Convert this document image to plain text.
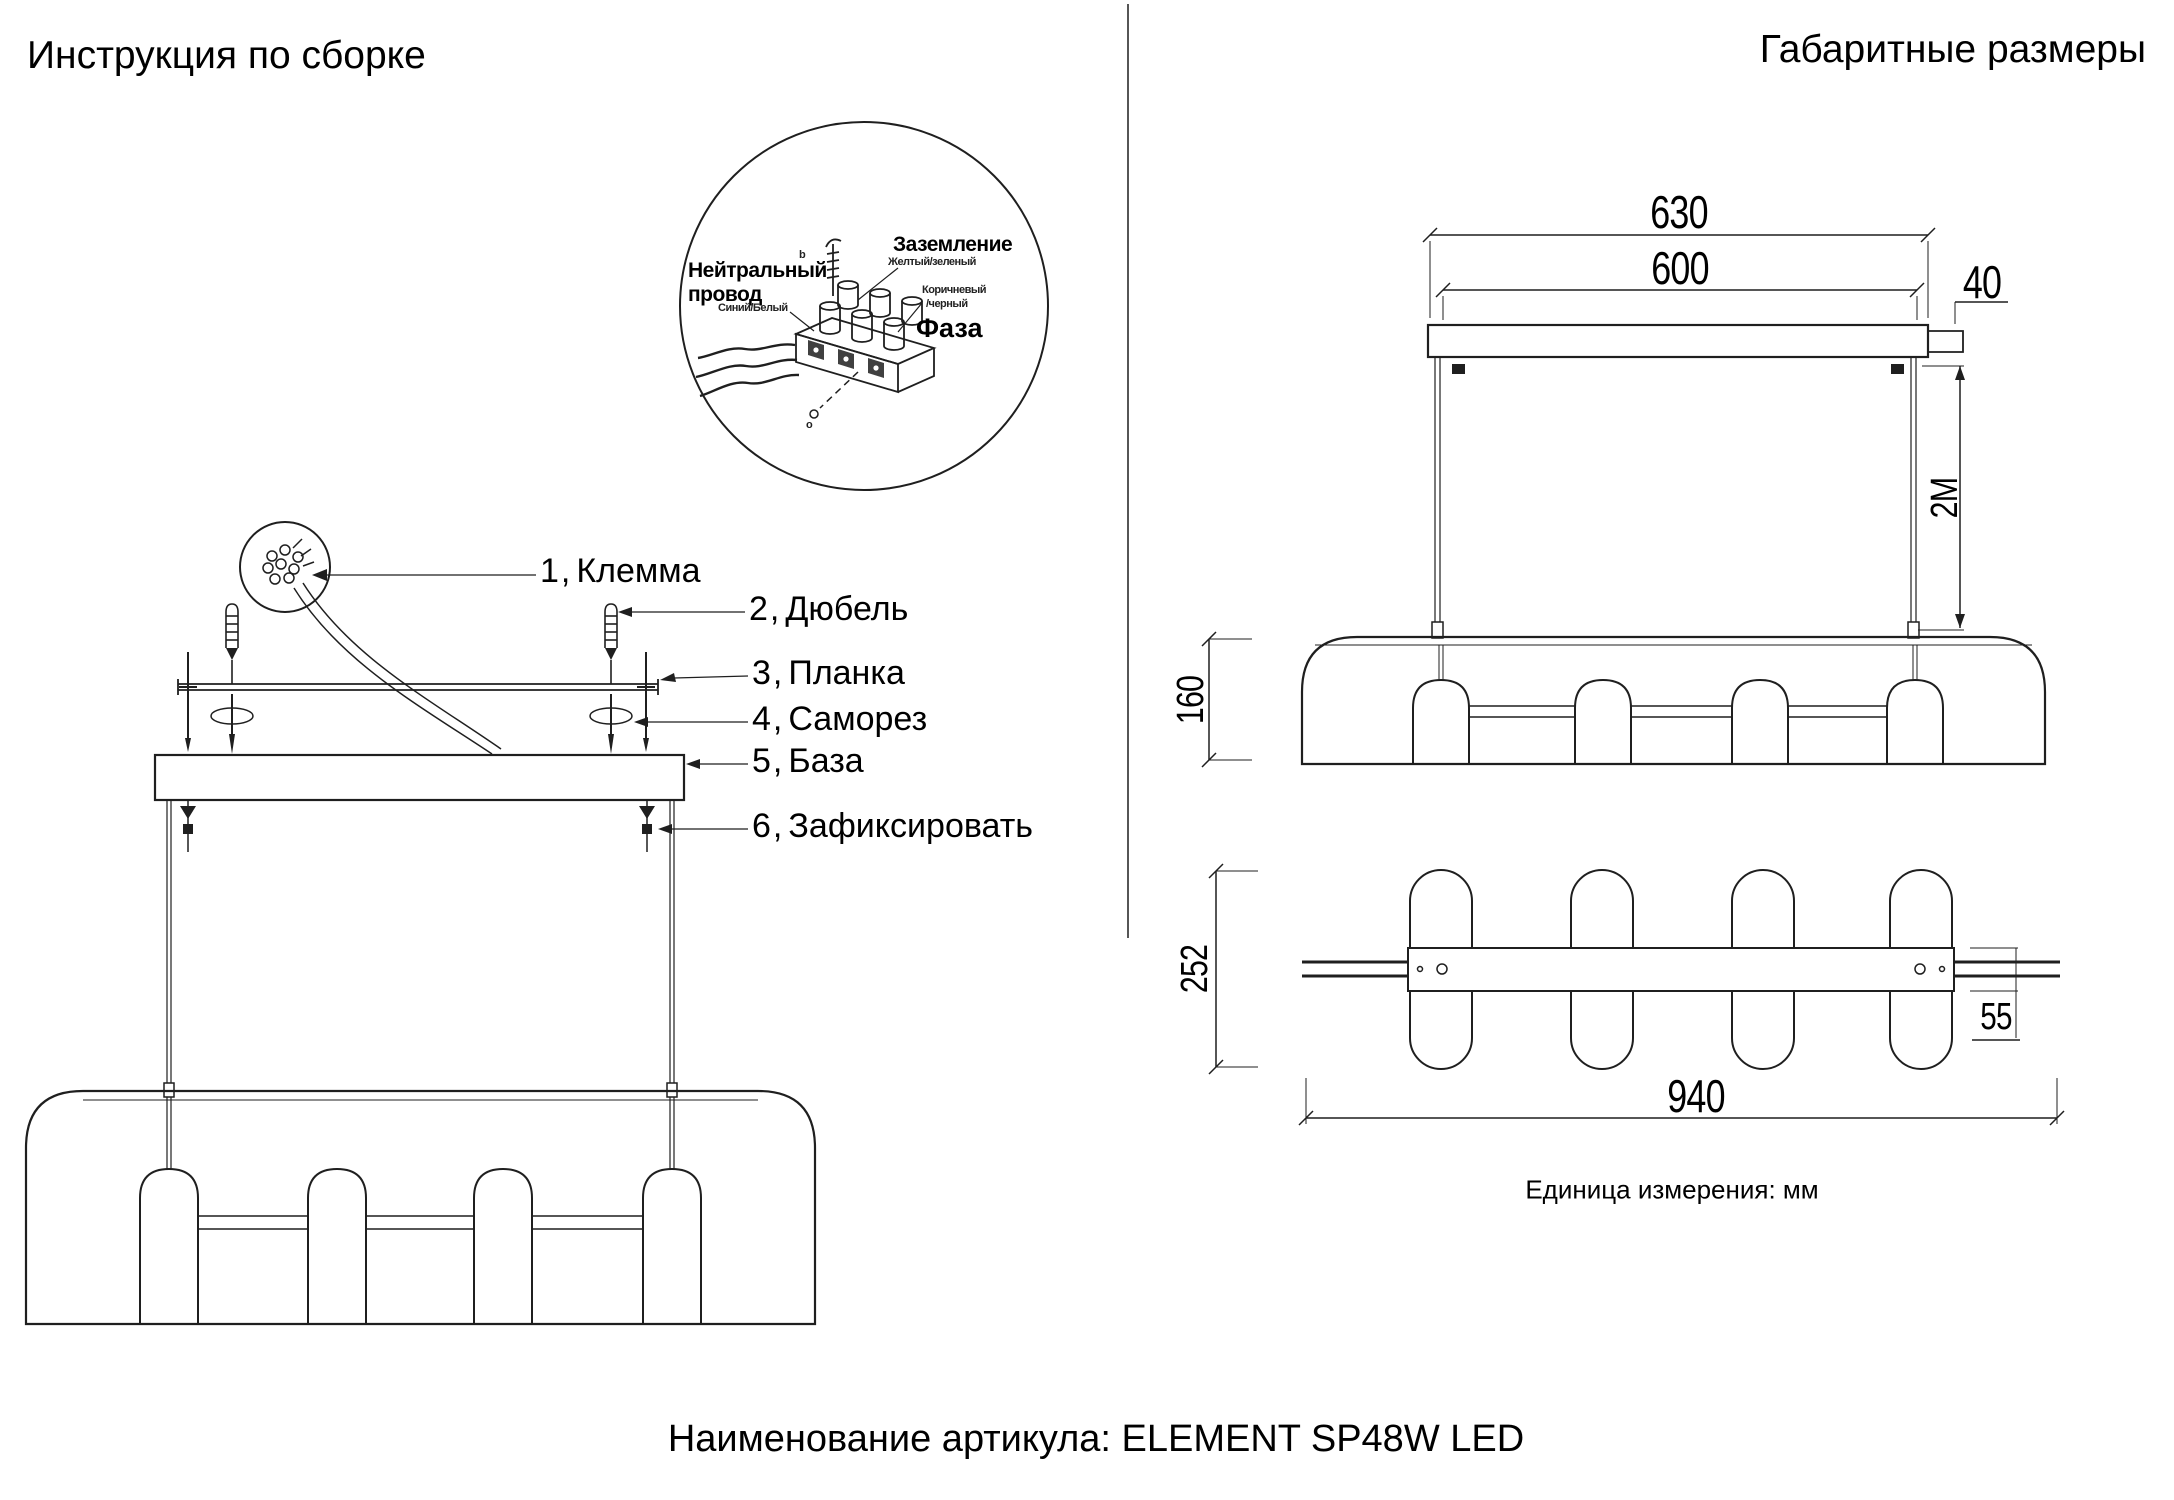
Инструкция по сборке	Габаритные размеры
Нейтральный
провод
Синий/Белый
Заземление
Желтый/зеленый
Коричневый
/черный
Фаза
b
o
1, Клемма
2, Дюбель
3, Планка
4, Саморез
5, База
6, Зафиксировать
630
600	40
2M
160
252
55
940
Единица измерения: мм
Наименование артикула: ELEMENT SP48W LED
